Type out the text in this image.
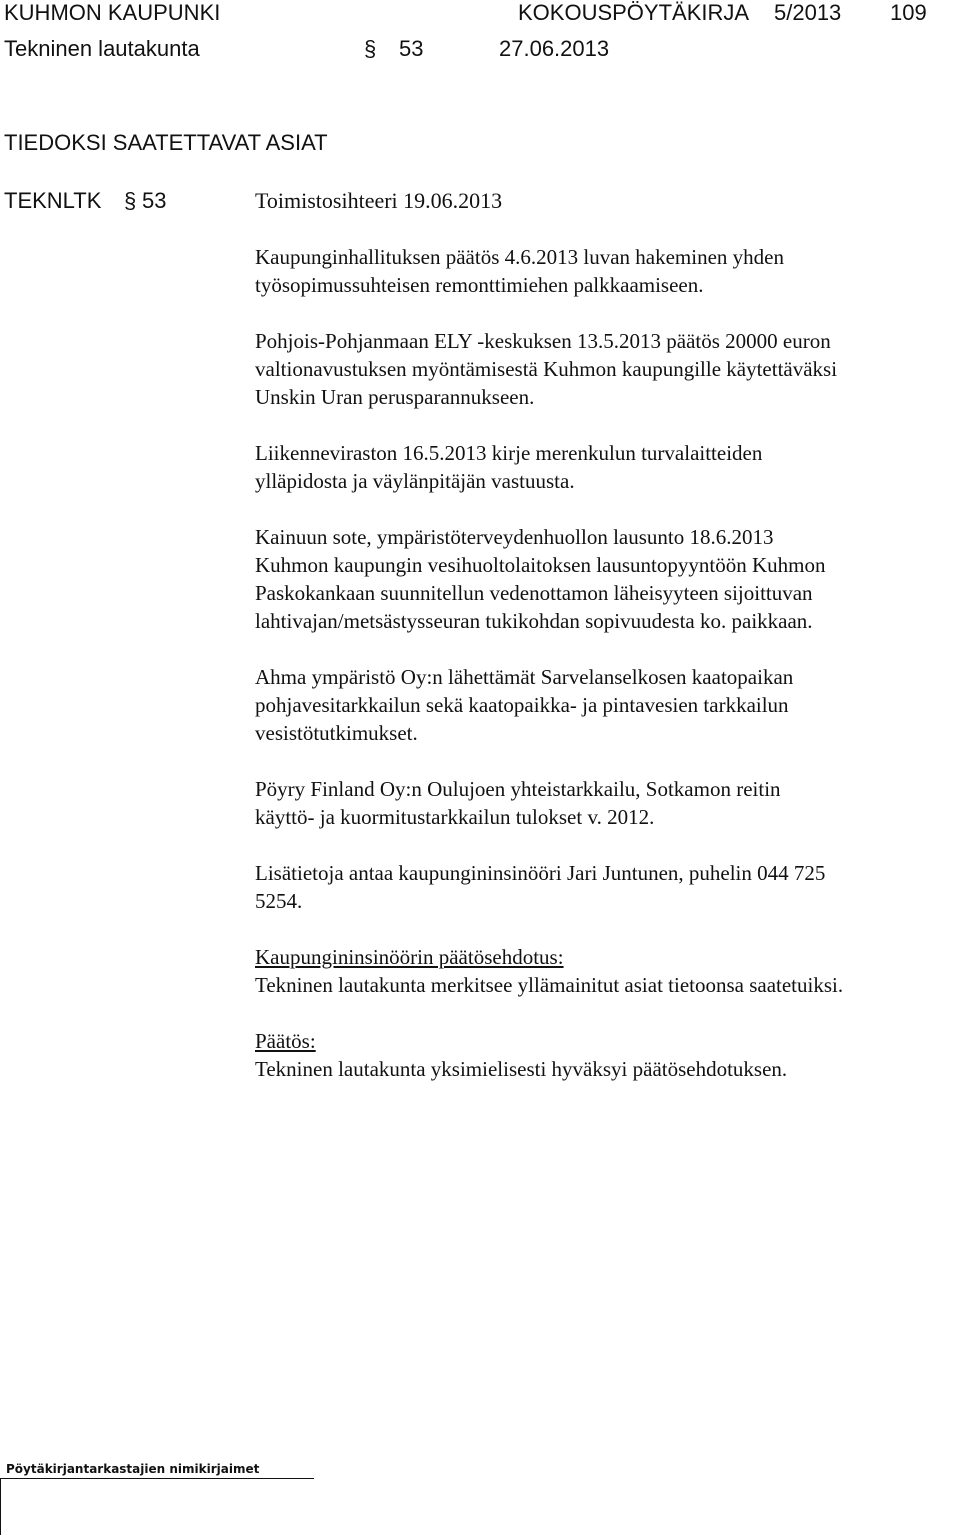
KUHMON KAUPUNKI	KOKOUSPÖYTÄKIRJA 5/2013 109
Tekninen lautakunta	§ 53	27.06.2013
TIEDOKSI SAATETTAVAT ASIAT
TEKNLTK § 53	Toimistosihteeri 19.06.2013
Kaupunginhallituksen päätös 4.6.2013 luvan hakeminen yhden
työsopimussuhteisen remonttimiehen palkkaamiseen.
Pohjois-Pohjanmaan ELY -keskuksen 13.5.2013 päätös 20000 euron
valtionavustuksen myöntämisestä Kuhmon kaupungille käytettäväksi
Unskin Uran perusparannukseen.
Liikenneviraston 16.5.2013 kirje merenkulun turvalaitteiden
ylläpidosta ja väylänpitäjän vastuusta.
Kainuun sote, ympäristöterveydenhuollon lausunto 18.6.2013
Kuhmon kaupungin vesihuoltolaitoksen lausuntopyyntöön Kuhmon
Paskokankaan suunnitellun vedenottamon läheisyyteen sijoittuvan
lahtivajan/metsästysseuran tukikohdan sopivuudesta ko. paikkaan.
Ahma ympäristö Oy:n lähettämät Sarvelanselkosen kaatopaikan
pohjavesitarkkailun sekä kaatopaikka- ja pintavesien tarkkailun
vesistötutkimukset.
Pöyry Finland Oy:n Oulujoen yhteistarkkailu, Sotkamon reitin
käyttö- ja kuormitustarkkailun tulokset v. 2012.
Lisätietoja antaa kaupungininsinööri Jari Juntunen, puhelin 044 725
5254.
Kaupungininsinöörin päätösehdotus:
Tekninen lautakunta merkitsee yllämainitut asiat tietoonsa saatetuiksi.
Päätös:
Tekninen lautakunta yksimielisesti hyväksyi päätösehdotuksen.
Pöytäkirjantarkastajien nimikirjaimet
